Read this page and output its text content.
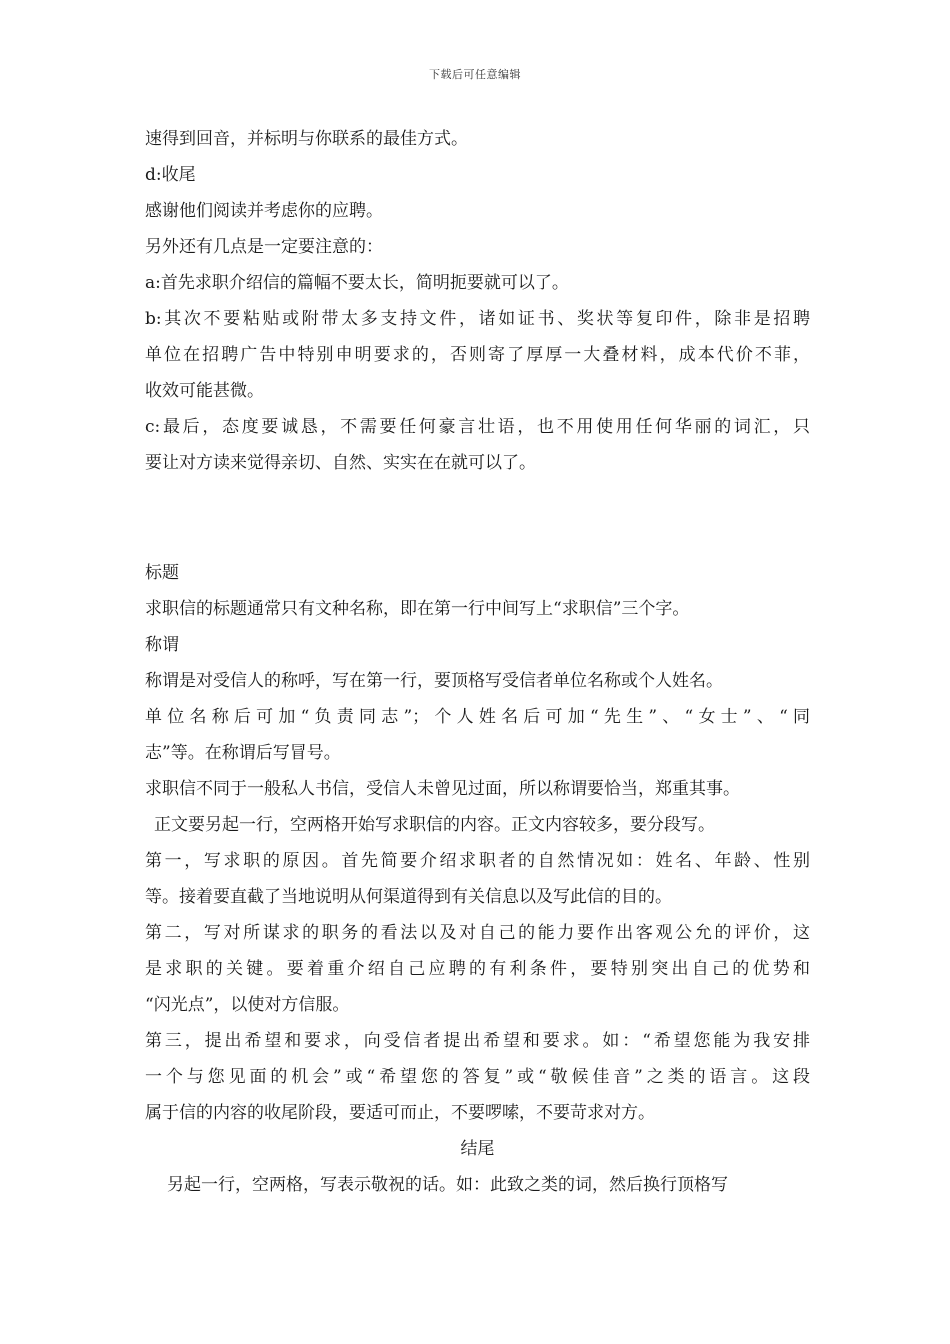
下载后可任意编辑
速得到回音，并标明与你联系的最佳方式。
d:收尾
感谢他们阅读并考虑你的应聘。
另外还有几点是一定要注意的：
a:首先求职介绍信的篇幅不要太长，简明扼要就可以了。
b:其次不要粘贴或附带太多支持文件，诸如证书、奖状等复印件，除非是招聘
单位在招聘广告中特别申明要求的，否则寄了厚厚一大叠材料，成本代价不菲，
收效可能甚微。
c:最后，态度要诚恳，不需要任何豪言壮语，也不用使用任何华丽的词汇，只
要让对方读来觉得亲切、自然、实实在在就可以了。
标题
求职信的标题通常只有文种名称，即在第一行中间写上“求职信”三个字。
称谓
称谓是对受信人的称呼，写在第一行，要顶格写受信者单位名称或个人姓名。
单位名称后可加“负责同志”；个人姓名后可加“先生”、“女士”、“同
志”等。在称谓后写冒号。
求职信不同于一般私人书信，受信人未曾见过面，所以称谓要恰当，郑重其事。
正文要另起一行，空两格开始写求职信的内容。正文内容较多，要分段写。
第一，写求职的原因。首先简要介绍求职者的自然情况如：姓名、年龄、性别
等。接着要直截了当地说明从何渠道得到有关信息以及写此信的目的。
第二，写对所谋求的职务的看法以及对自己的能力要作出客观公允的评价，这
是求职的关键。要着重介绍自己应聘的有利条件，要特别突出自己的优势和
“闪光点”，以使对方信服。
第三，提出希望和要求，向受信者提出希望和要求。如：“希望您能为我安排
一个与您见面的机会”或“希望您的答复”或“敬候佳音”之类的语言。这段
属于信的内容的收尾阶段，要适可而止，不要啰嗦，不要苛求对方。
结尾
另起一行，空两格，写表示敬祝的话。如：此致之类的词，然后换行顶格写
